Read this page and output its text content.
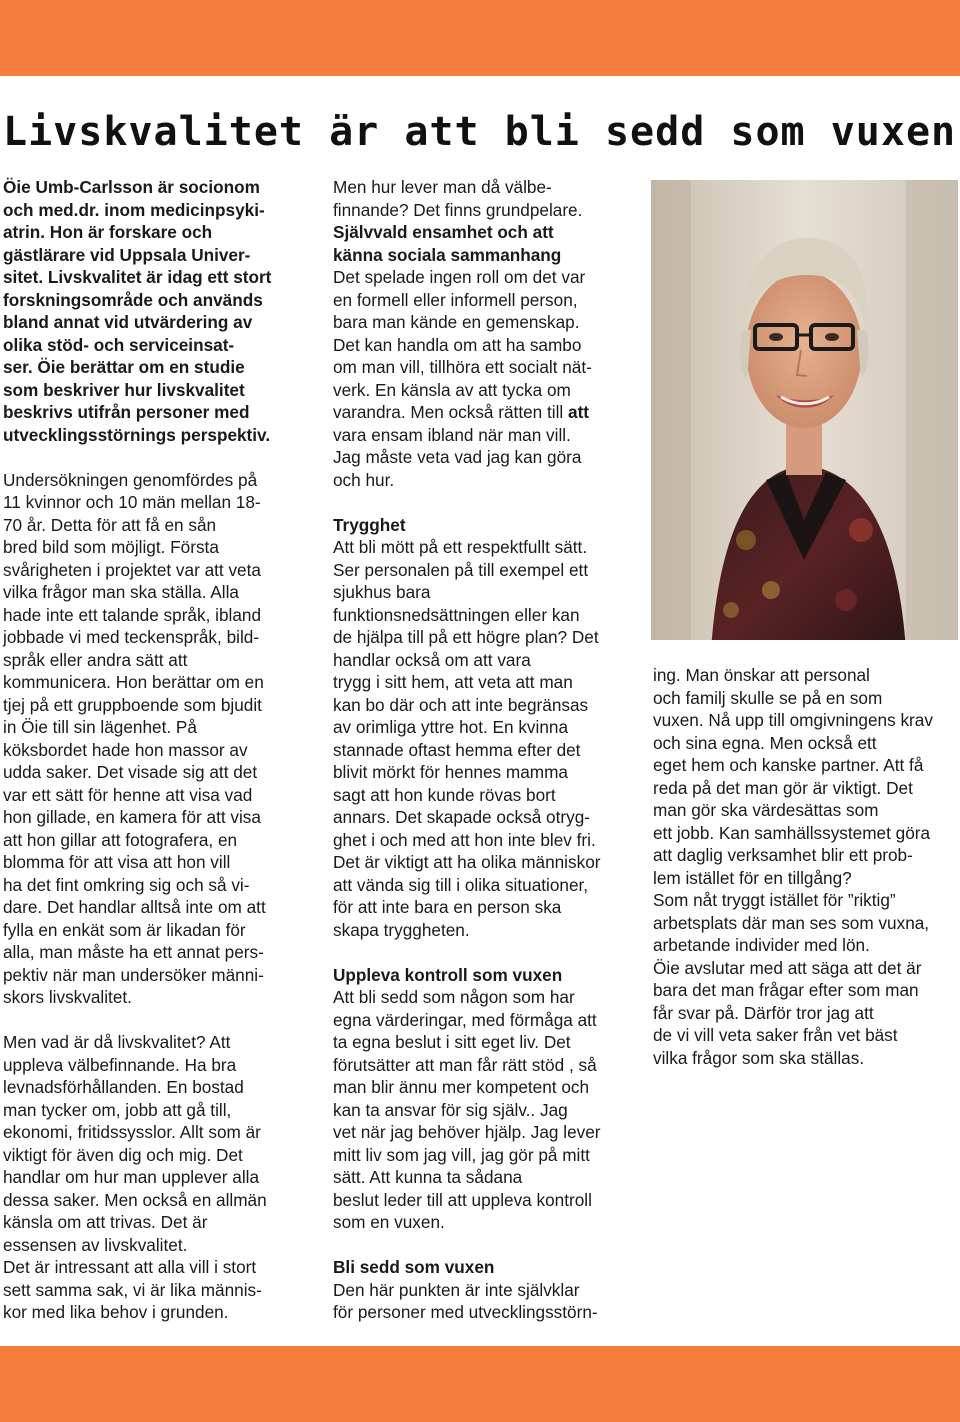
Livskvalitet är att bli sedd som vuxen

Öie Umb-Carlsson är socionom

och med.dr. inom medicinpsyki-

atrin. Hon är forskare och

gästlärare vid Uppsala Univer-

sitet. Livskvalitet är idag ett stort

forskningsområde och används

bland annat vid utvärdering av

olika stöd- och serviceinsat-

ser. Öie berättar om en studie

som beskriver hur livskvalitet

beskrivs utifrån personer med

utvecklingsstörnings perspektiv.

Undersökningen genomfördes på

11 kvinnor och 10 män mellan 18-

70 år. Detta för att få en sån

bred bild som möjligt. Första

svårigheten i projektet var att veta

vilka frågor man ska ställa. Alla

hade inte ett talande språk, ibland

jobbade vi med teckenspråk, bild-

språk eller andra sätt att

kommunicera. Hon berättar om en

tjej på ett gruppboende som bjudit

in Öie till sin lägenhet. På

köksbordet hade hon massor av

udda saker. Det visade sig att det

var ett sätt för henne att visa vad

hon gillade, en kamera för att visa

att hon gillar att fotografera, en

blomma för att visa att hon vill

ha det fint omkring sig och så vi-

dare. Det handlar alltså inte om att

fylla en enkät som är likadan för

alla, man måste ha ett annat pers-

pektiv när man undersöker männi-

skors livskvalitet.

Men vad är då livskvalitet? Att

uppleva välbefinnande. Ha bra

levnadsförhållanden. En bostad

man tycker om, jobb att gå till,

ekonomi, fritidssysslor. Allt som är

viktigt för även dig och mig. Det

handlar om hur man upplever alla

dessa saker. Men också en allmän

känsla om att trivas. Det är

essensen av livskvalitet.

Det är intressant att alla vill i stort

sett samma sak, vi är lika männis-

kor med lika behov i grunden.

Men hur lever man då välbe-

finnande? Det finns grundpelare.

Självvald ensamhet och att

känna sociala sammanhang

Det spelade ingen roll om det var

en formell eller informell person,

bara man kände en gemenskap.

Det kan handla om att ha sambo

om man vill, tillhöra ett socialt nät-

verk. En känsla av att tycka om

varandra. Men också rätten till att

vara ensam ibland när man vill.

Jag måste veta vad jag kan göra

och hur.

Trygghet

Att bli mött på ett respektfullt sätt.

Ser personalen på till exempel ett

sjukhus bara

funktionsnedsättningen eller kan

de hjälpa till på ett högre plan? Det

handlar också om att vara

trygg i sitt hem, att veta att man

kan bo där och att inte begränsas

av orimliga yttre hot. En kvinna

stannade oftast hemma efter det

blivit mörkt för hennes mamma

sagt att hon kunde rövas bort

annars. Det skapade också otryg-

ghet i och med att hon inte blev fri.

Det är viktigt att ha olika människor

att vända sig till i olika situationer,

för att inte bara en person ska

skapa tryggheten.

Uppleva kontroll som vuxen

Att bli sedd som någon som har

egna värderingar, med förmåga att

ta egna beslut i sitt eget liv. Det

förutsätter att man får rätt stöd , så

man blir ännu mer kompetent och

kan ta ansvar för sig själv.. Jag

vet när jag behöver hjälp. Jag lever

mitt liv som jag vill, jag gör på mitt

sätt. Att kunna ta sådana

beslut leder till att uppleva kontroll

som en vuxen.

Bli sedd som vuxen

Den här punkten är inte självklar

för personer med utvecklingsstörn-

ing. Man önskar att personal

och familj skulle se på en som

vuxen. Nå upp till omgivningens krav

och sina egna. Men också ett

eget hem och kanske partner. Att få

reda på det man gör är viktigt. Det

man gör ska värdesättas som

ett jobb. Kan samhällssystemet göra

att daglig verksamhet blir ett prob-

lem istället för en tillgång?

Som nåt tryggt istället för ”riktig”

arbetsplats där man ses som vuxna,

arbetande individer med lön.

Öie avslutar med att säga att det är

bara det man frågar efter som man

får svar på. Därför tror jag att

de vi vill veta saker från vet bäst

vilka frågor som ska ställas.
